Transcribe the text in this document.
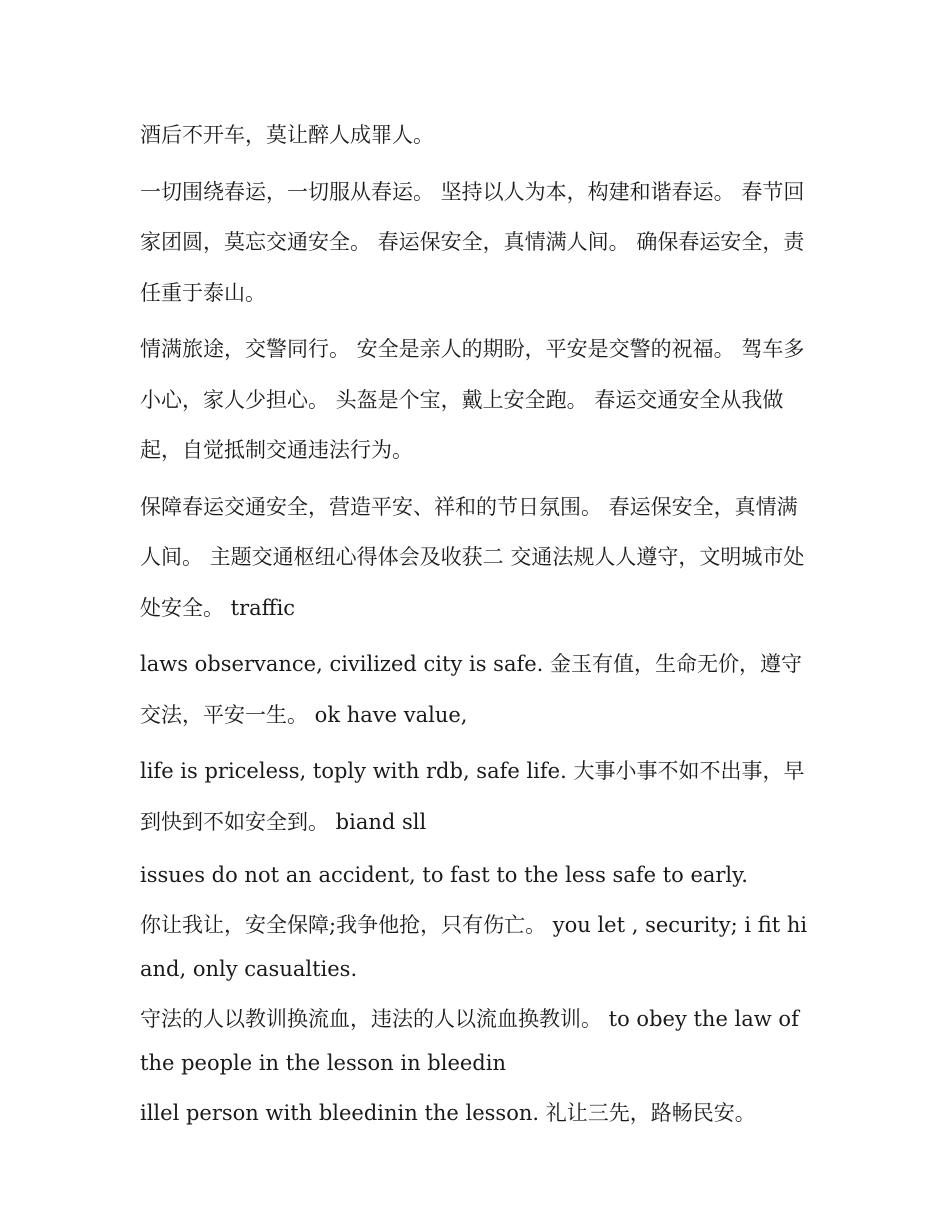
酒后不开车，莫让醉人成罪人。

一切围绕春运，一切服从春运。 坚持以人为本，构建和谐春运。 春节回家团圆，莫忘交通安全。 春运保安全，真情满人间。 确保春运安全，责任重于泰山。

情满旅途，交警同行。 安全是亲人的期盼，平安是交警的祝福。 驾车多小心，家人少担心。 头盔是个宝，戴上安全跑。 春运交通安全从我做起，自觉抵制交通违法行为。

保障春运交通安全，营造平安、祥和的节日氛围。 春运保安全，真情满人间。 主题交通枢纽心得体会及收获二 交通法规人人遵守，文明城市处处安全。 traffic

laws observance, civilized city is safe. 金玉有值，生命无价，遵守交法，平安一生。 ok have value,

life is priceless, toply with rdb, safe life. 大事小事不如不出事，早到快到不如安全到。 biand sll

issues do not an accident, to fast to the less safe to early.

你让我让，安全保障;我争他抢，只有伤亡。 you let , security; i fit hiand, only casualties.

守法的人以教训换流血，违法的人以流血换教训。 to obey the law of the people in the lesson in bleedin

illel person with bleedinin the lesson. 礼让三先，路畅民安。
